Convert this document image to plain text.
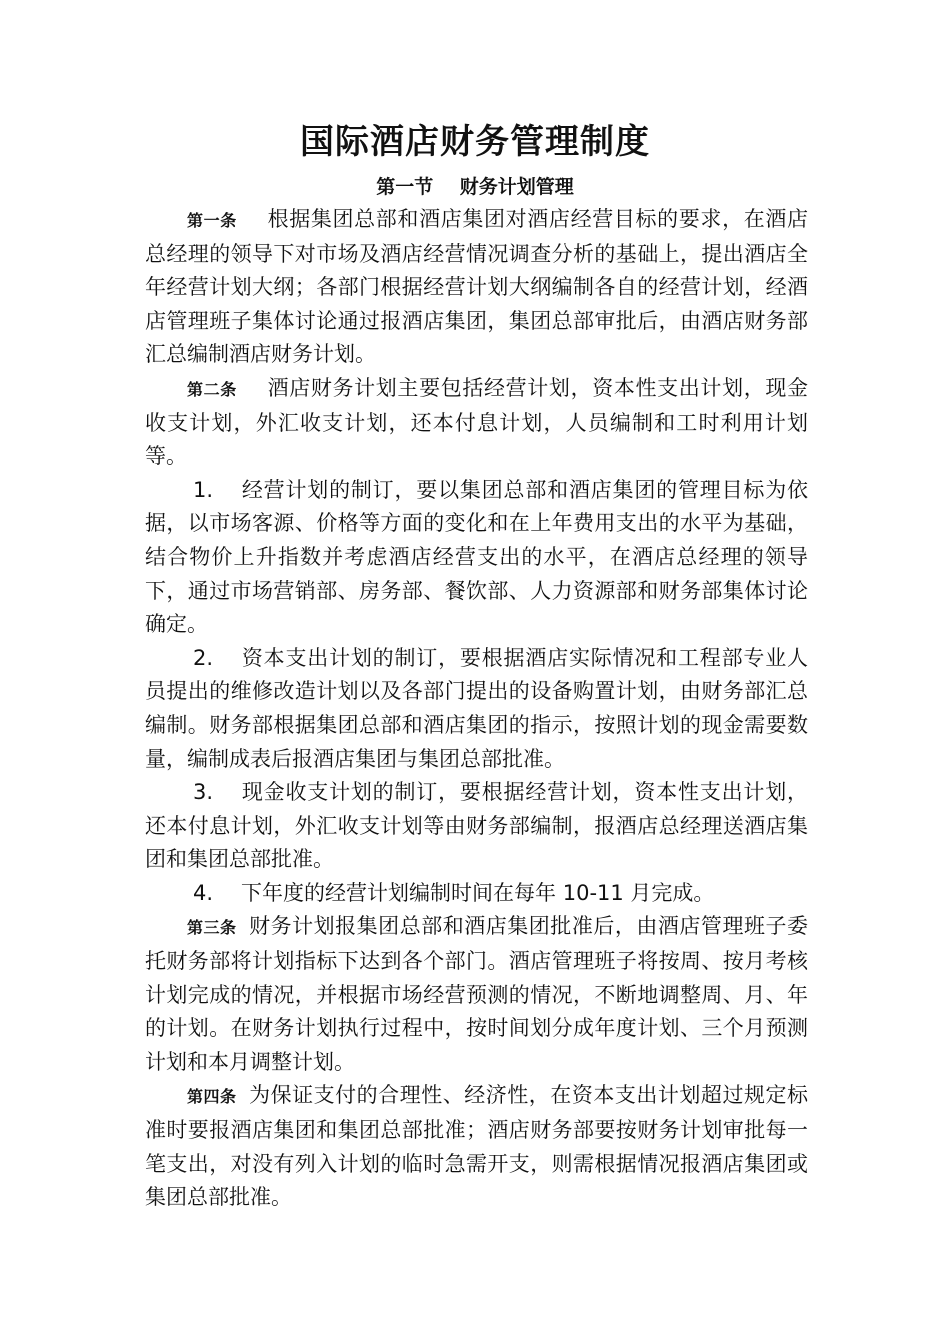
国际酒店财务管理制度
第一节    财务计划管理

第一条 根据集团总部和酒店集团对酒店经营目标的要求，在酒店总经理的领导下对市场及酒店经营情况调查分析的基础上，提出酒店全年经营计划大纲；各部门根据经营计划大纲编制各自的经营计划，经酒店管理班子集体讨论通过报酒店集团，集团总部审批后，由酒店财务部汇总编制酒店财务计划。

第二条 酒店财务计划主要包括经营计划，资本性支出计划，现金收支计划，外汇收支计划，还本付息计划，人员编制和工时利用计划等。

1. 经营计划的制订，要以集团总部和酒店集团的管理目标为依据，以市场客源、价格等方面的变化和在上年费用支出的水平为基础，结合物价上升指数并考虑酒店经营支出的水平，在酒店总经理的领导下，通过市场营销部、房务部、餐饮部、人力资源部和财务部集体讨论确定。

2. 资本支出计划的制订，要根据酒店实际情况和工程部专业人员提出的维修改造计划以及各部门提出的设备购置计划，由财务部汇总编制。财务部根据集团总部和酒店集团的指示，按照计划的现金需要数量，编制成表后报酒店集团与集团总部批准。

3. 现金收支计划的制订，要根据经营计划，资本性支出计划，还本付息计划，外汇收支计划等由财务部编制，报酒店总经理送酒店集团和集团总部批准。

4. 下年度的经营计划编制时间在每年 10-11 月完成。

第三条 财务计划报集团总部和酒店集团批准后，由酒店管理班子委托财务部将计划指标下达到各个部门。酒店管理班子将按周、按月考核计划完成的情况，并根据市场经营预测的情况，不断地调整周、月、年的计划。在财务计划执行过程中，按时间划分成年度计划、三个月预测计划和本月调整计划。

第四条 为保证支付的合理性、经济性，在资本支出计划超过规定标准时要报酒店集团和集团总部批准；酒店财务部要按财务计划审批每一笔支出，对没有列入计划的临时急需开支，则需根据情况报酒店集团或集团总部批准。
